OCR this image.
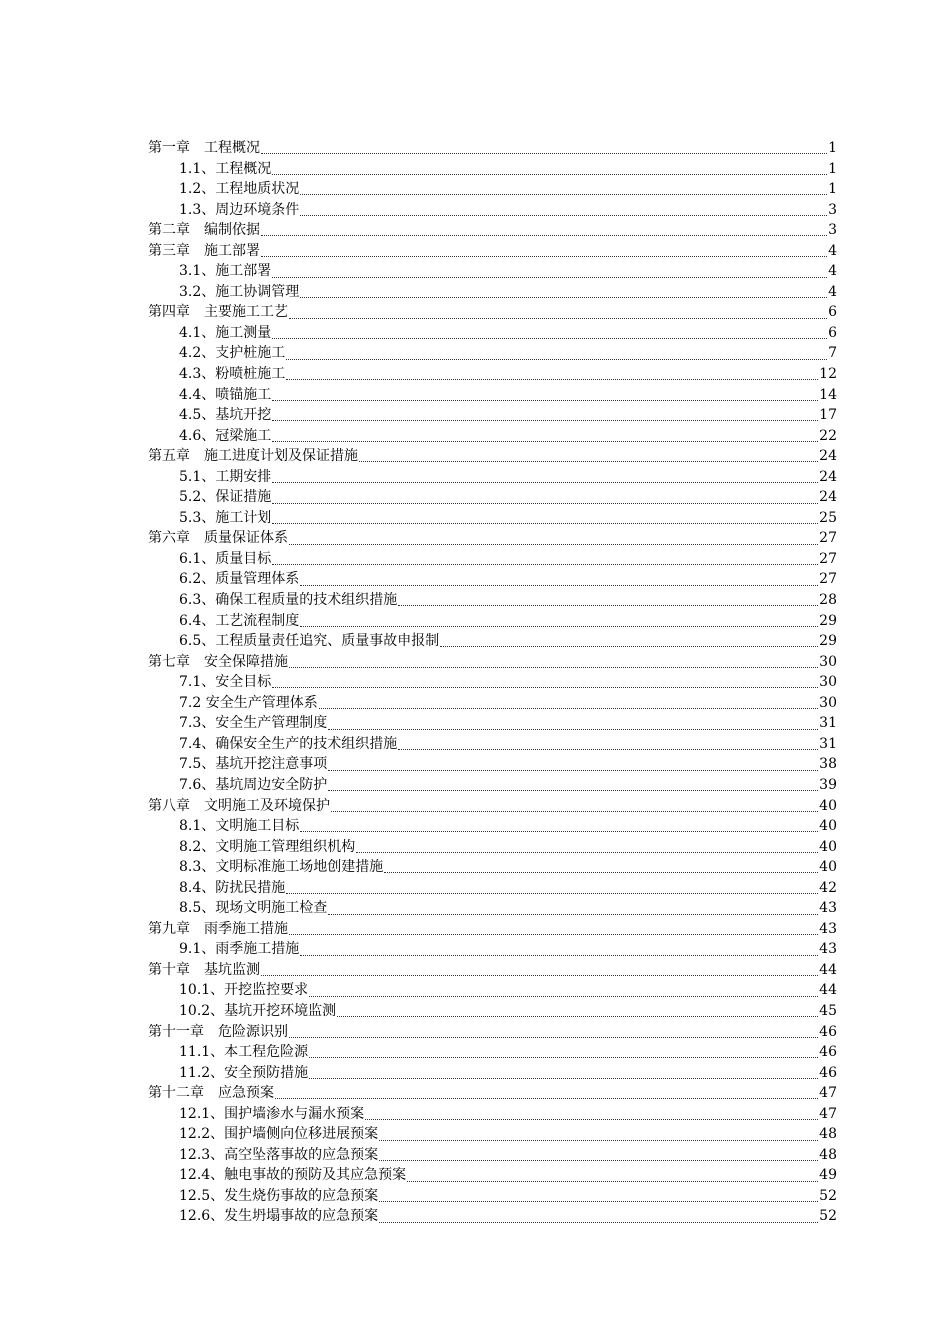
第一章　工程概况	1
1.1、工程概况	1
1.2、工程地质状况	1
1.3、周边环境条件	3
第二章　编制依据	3
第三章　施工部署	4
3.1、施工部署	4
3.2、施工协调管理	4
第四章　主要施工工艺	6
4.1、施工测量	6
4.2、支护桩施工	7
4.3、粉喷桩施工	12
4.4、喷锚施工	14
4.5、基坑开挖	17
4.6、冠梁施工	22
第五章　施工进度计划及保证措施	24
5.1、工期安排	24
5.2、保证措施	24
5.3、施工计划	25
第六章　质量保证体系	27
6.1、质量目标	27
6.2、质量管理体系	27
6.3、确保工程质量的技术组织措施	28
6.4、工艺流程制度	29
6.5、工程质量责任追究、质量事故申报制	29
第七章　安全保障措施	30
7.1、安全目标	30
7.2 安全生产管理体系	30
7.3、安全生产管理制度	31
7.4、确保安全生产的技术组织措施	31
7.5、基坑开挖注意事项	38
7.6、基坑周边安全防护	39
第八章　文明施工及环境保护	40
8.1、文明施工目标	40
8.2、文明施工管理组织机构	40
8.3、文明标准施工场地创建措施	40
8.4、防扰民措施	42
8.5、现场文明施工检查	43
第九章　雨季施工措施	43
9.1、雨季施工措施	43
第十章　基坑监测	44
10.1、开挖监控要求	44
10.2、基坑开挖环境监测	45
第十一章　危险源识别	46
11.1、本工程危险源	46
11.2、安全预防措施	46
第十二章　应急预案	47
12.1、围护墙渗水与漏水预案	47
12.2、围护墙侧向位移进展预案	48
12.3、高空坠落事故的应急预案	48
12.4、触电事故的预防及其应急预案	49
12.5、发生烧伤事故的应急预案	52
12.6、发生坍塌事故的应急预案	52
